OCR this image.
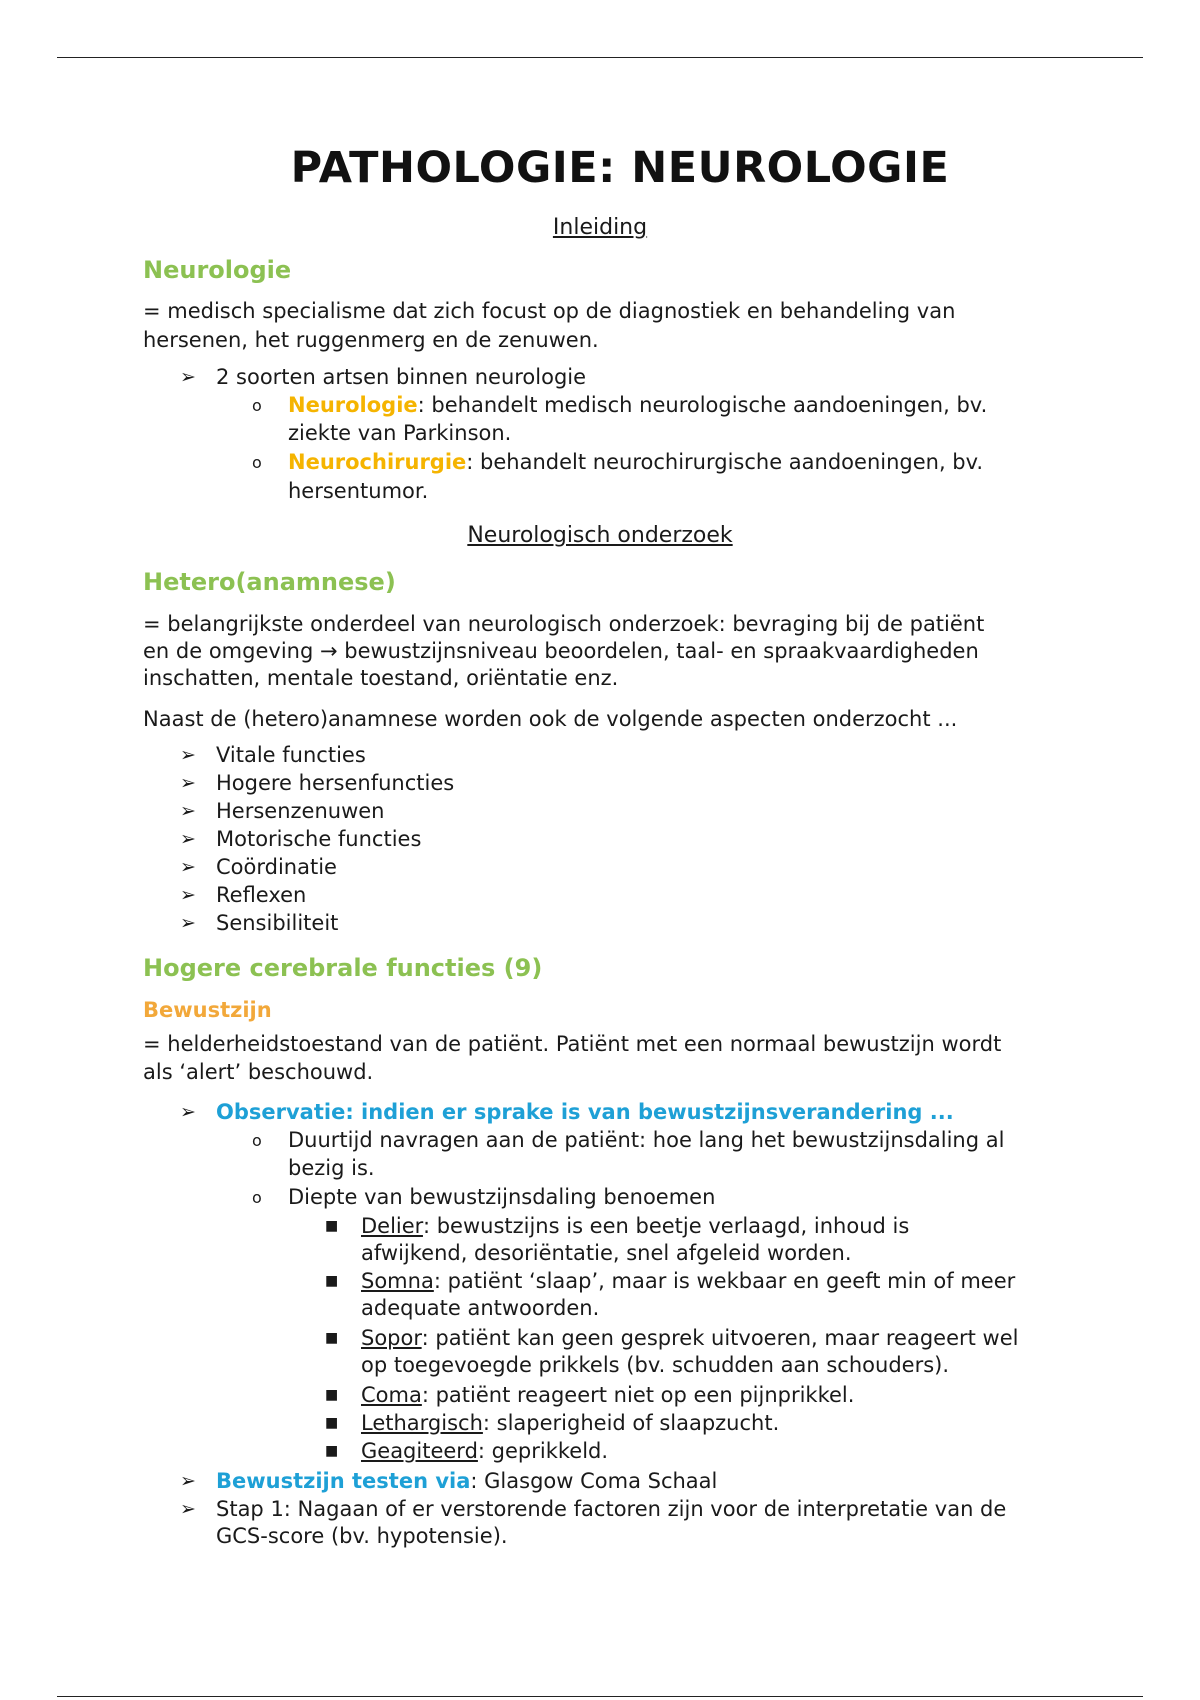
PATHOLOGIE: NEUROLOGIE
Inleiding
Neurologie
= medisch specialisme dat zich focust op de diagnostiek en behandeling van
hersenen, het ruggenmerg en de zenuwen.
➢ 2 soorten artsen binnen neurologie
o Neurologie: behandelt medisch neurologische aandoeningen, bv.
ziekte van Parkinson.
o Neurochirurgie: behandelt neurochirurgische aandoeningen, bv.
hersentumor.
Neurologisch onderzoek
Hetero(anamnese)
= belangrijkste onderdeel van neurologisch onderzoek: bevraging bij de patiënt
en de omgeving → bewustzijnsniveau beoordelen, taal- en spraakvaardigheden
inschatten, mentale toestand, oriëntatie enz.
Naast de (hetero)anamnese worden ook de volgende aspecten onderzocht ...
➢ Vitale functies
➢ Hogere hersenfuncties
➢ Hersenzenuwen
➢ Motorische functies
➢ Coördinatie
➢ Reflexen
➢ Sensibiliteit
Hogere cerebrale functies (9)
Bewustzijn
= helderheidstoestand van de patiënt. Patiënt met een normaal bewustzijn wordt
als ‘alert’ beschouwd.
➢ Observatie: indien er sprake is van bewustzijnsverandering ...
o Duurtijd navragen aan de patiënt: hoe lang het bewustzijnsdaling al
bezig is.
o Diepte van bewustzijnsdaling benoemen
■ Delier: bewustzijns is een beetje verlaagd, inhoud is
afwijkend, desoriëntatie, snel afgeleid worden.
■ Somna: patiënt ‘slaap’, maar is wekbaar en geeft min of meer
adequate antwoorden.
■ Sopor: patiënt kan geen gesprek uitvoeren, maar reageert wel
op toegevoegde prikkels (bv. schudden aan schouders).
■ Coma: patiënt reageert niet op een pijnprikkel.
■ Lethargisch: slaperigheid of slaapzucht.
■ Geagiteerd: geprikkeld.
➢ Bewustzijn testen via: Glasgow Coma Schaal
➢ Stap 1: Nagaan of er verstorende factoren zijn voor de interpretatie van de
GCS-score (bv. hypotensie).
